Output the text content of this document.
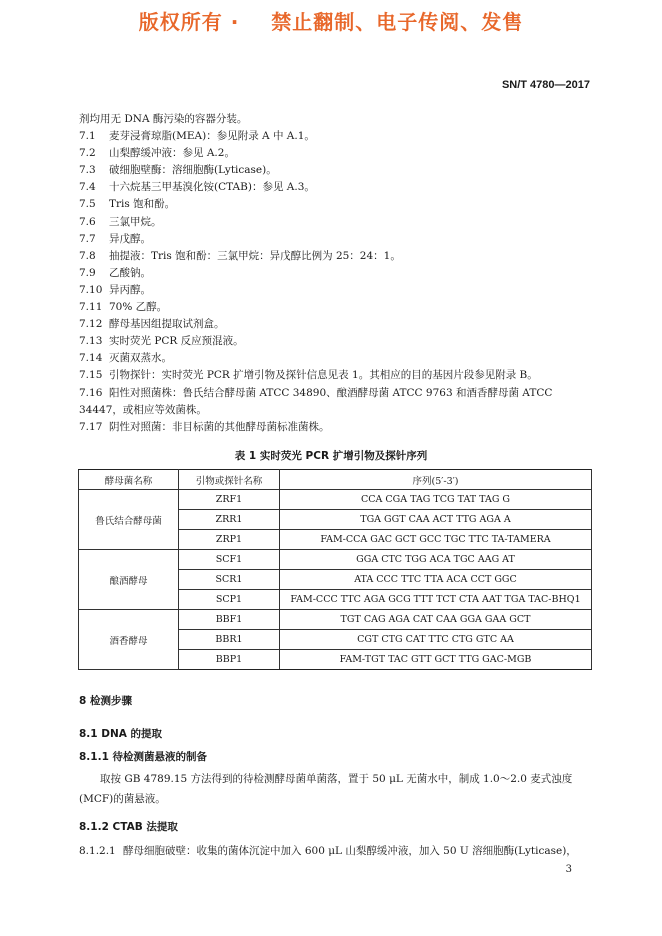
版权所有 ·    禁止翻制、电子传阅、发售
SN/T 4780—2017
剂均用无 DNA 酶污染的容器分装。
7.1 麦芽浸膏琼脂(MEA)：参见附录 A 中 A.1。
7.2 山梨醇缓冲液：参见 A.2。
7.3 破细胞壁酶：溶细胞酶(Lyticase)。
7.4 十六烷基三甲基溴化铵(CTAB)：参见 A.3。
7.5 Tris 饱和酚。
7.6 三氯甲烷。
7.7 异戊醇。
7.8 抽提液：Tris 饱和酚：三氯甲烷：异戊醇比例为 25：24：1。
7.9 乙酸钠。
7.10 异丙醇。
7.11 70% 乙醇。
7.12 酵母基因组提取试剂盒。
7.13 实时荧光 PCR 反应预混液。
7.14 灭菌双蒸水。
7.15 引物探针：实时荧光 PCR 扩增引物及探针信息见表 1。其相应的目的基因片段参见附录 B。
7.16 阳性对照菌株：鲁氏结合酵母菌 ATCC 34890、酿酒酵母菌 ATCC 9763 和酒香酵母菌 ATCC
34447，或相应等效菌株。
7.17 阴性对照菌：非目标菌的其他酵母菌标准菌株。
表 1 实时荧光 PCR 扩增引物及探针序列
酵母菌名称	引物或探针名称	序列(5′-3′)
鲁氏结合酵母菌	ZRF1	CCA CGA TAG TCG TAT TAG G
	ZRR1	TGA GGT CAA ACT TTG AGA A
	ZRP1	FAM-CCA GAC GCT GCC TGC TTC TA-TAMERA
酿酒酵母	SCF1	GGA CTC TGG ACA TGC AAG AT
	SCR1	ATA CCC TTC TTA ACA CCT GGC
	SCP1	FAM-CCC TTC AGA GCG TTT TCT CTA AAT TGA TAC-BHQ1
酒香酵母	BBF1	TGT CAG AGA CAT CAA GGA GAA GCT
	BBR1	CGT CTG CAT TTC CTG GTC AA
	BBP1	FAM-TGT TAC GTT GCT TTG GAC-MGB
8 检测步骤
8.1 DNA 的提取
8.1.1 待检测菌悬液的制备
取按 GB 4789.15 方法得到的待检测酵母菌单菌落，置于 50 μL 无菌水中，制成 1.0～2.0 麦式浊度(MCF)的菌悬液。
8.1.2 CTAB 法提取
8.1.2.1 酵母细胞破壁：收集的菌体沉淀中加入 600 μL 山梨醇缓冲液，加入 50 U 溶细胞酶(Lyticase)，
3
